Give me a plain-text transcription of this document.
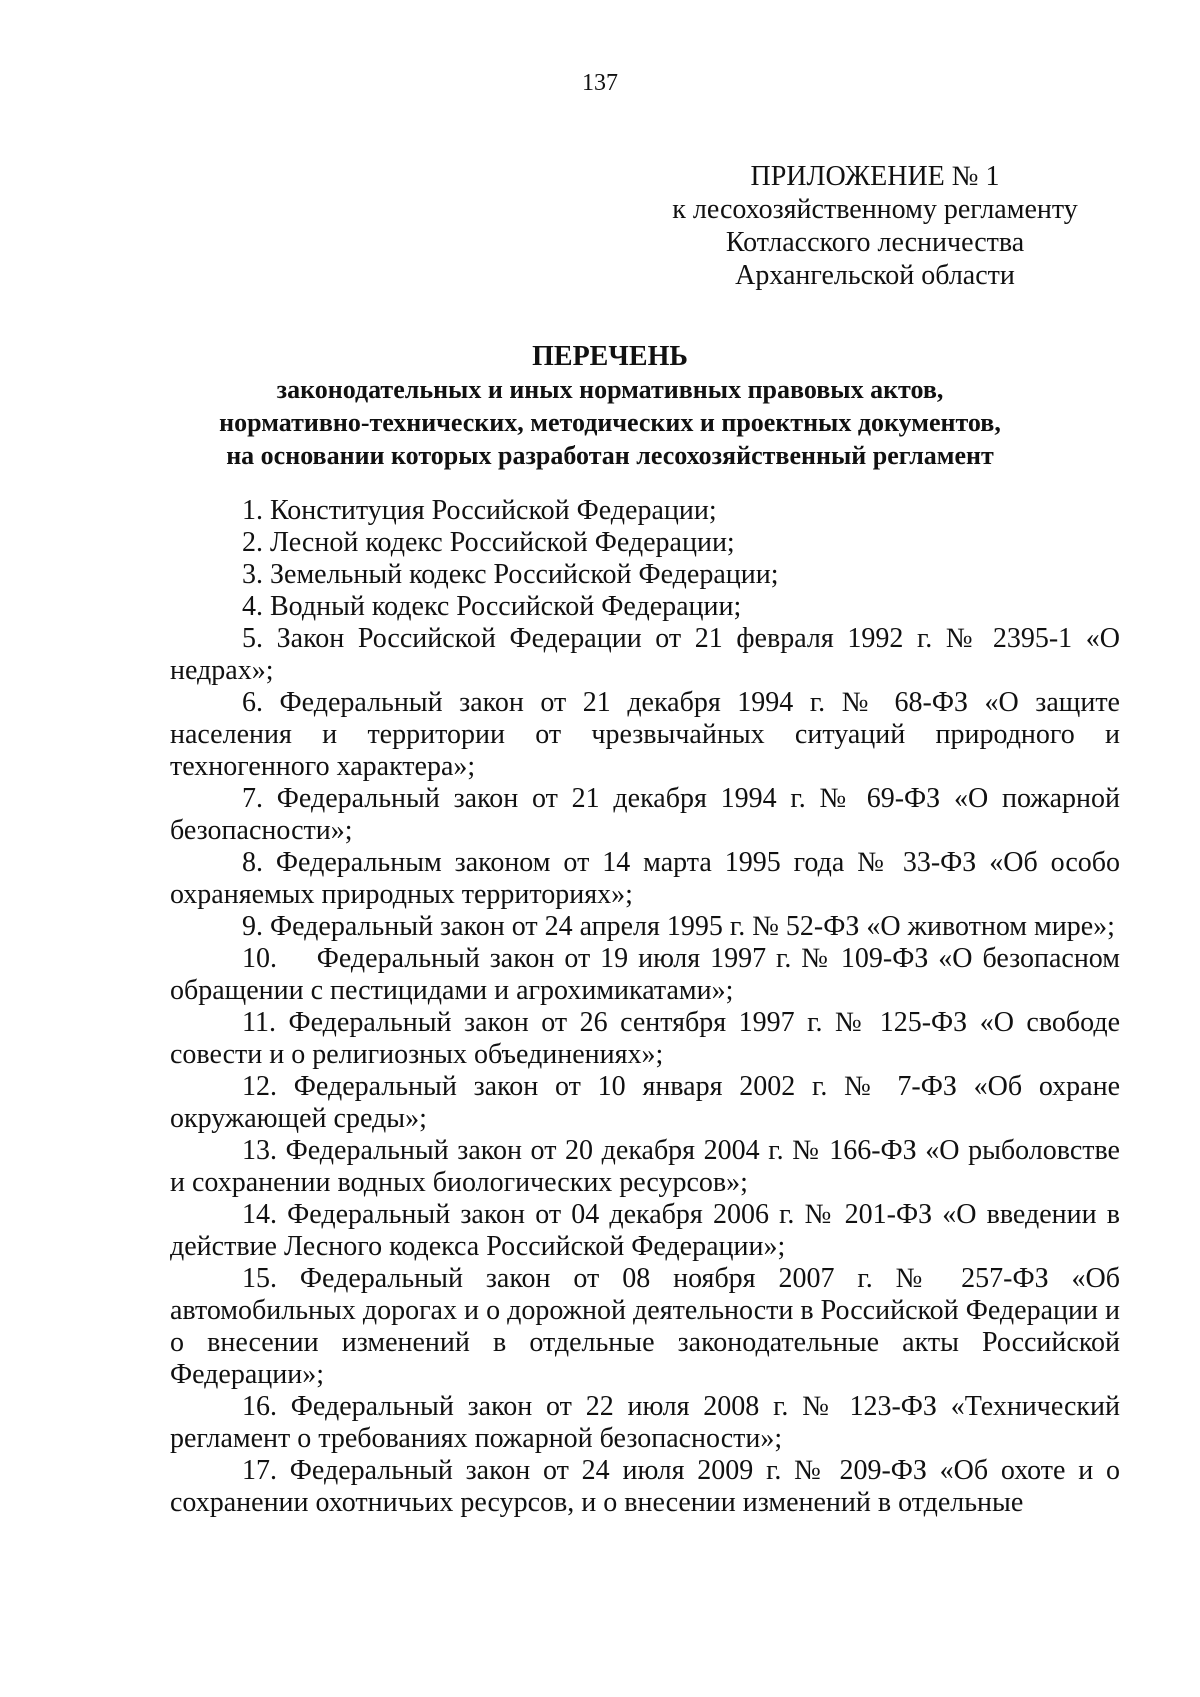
137
ПРИЛОЖЕНИЕ № 1
к лесохозяйственному регламенту
Котласского лесничества
Архангельской области
ПЕРЕЧЕНЬ
законодательных и иных нормативных правовых актов,
нормативно-технических, методических и проектных документов,
на основании которых разработан лесохозяйственный регламент

1. Конституция Российской Федерации;

2. Лесной кодекс Российской Федерации;

3. Земельный кодекс Российской Федерации;

4. Водный кодекс Российской Федерации;

5. Закон Российской Федерации от 21 февраля 1992 г. № 2395-1 «О недрах»;

6. Федеральный закон от 21 декабря 1994 г. № 68-ФЗ «О защите населения и территории от чрезвычайных ситуаций природного и техногенного характера»;

7. Федеральный закон от 21 декабря 1994 г. № 69-ФЗ «О пожарной безопасности»;

8. Федеральным законом от 14 марта 1995 года № 33-ФЗ «Об особо охраняемых природных территориях»;

9. Федеральный закон от 24 апреля 1995 г. № 52-ФЗ «О животном мире»;

10.    Федеральный закон от 19 июля 1997 г. № 109-ФЗ «О безопасном обращении с пестицидами и агрохимикатами»;

11. Федеральный закон от 26 сентября 1997 г. № 125-ФЗ «О свободе совести и о религиозных объединениях»;

12. Федеральный закон от 10 января 2002 г. № 7-ФЗ «Об охране окружающей среды»;

13. Федеральный закон от 20 декабря 2004 г. № 166-ФЗ «О рыболовстве и сохранении водных биологических ресурсов»;

14. Федеральный закон от 04 декабря 2006 г. № 201-ФЗ «О введении в действие Лесного кодекса Российской Федерации»;

15. Федеральный закон от 08 ноября 2007 г. № 257-ФЗ «Об автомобильных дорогах и о дорожной деятельности в Российской Федерации и о внесении изменений в отдельные законодательные акты Российской Федерации»;

16. Федеральный закон от 22 июля 2008 г. № 123-ФЗ «Технический регламент о требованиях пожарной безопасности»;

17. Федеральный закон от 24 июля 2009 г. № 209-ФЗ «Об охоте и о сохранении охотничьих ресурсов, и о внесении изменений в отдельные
